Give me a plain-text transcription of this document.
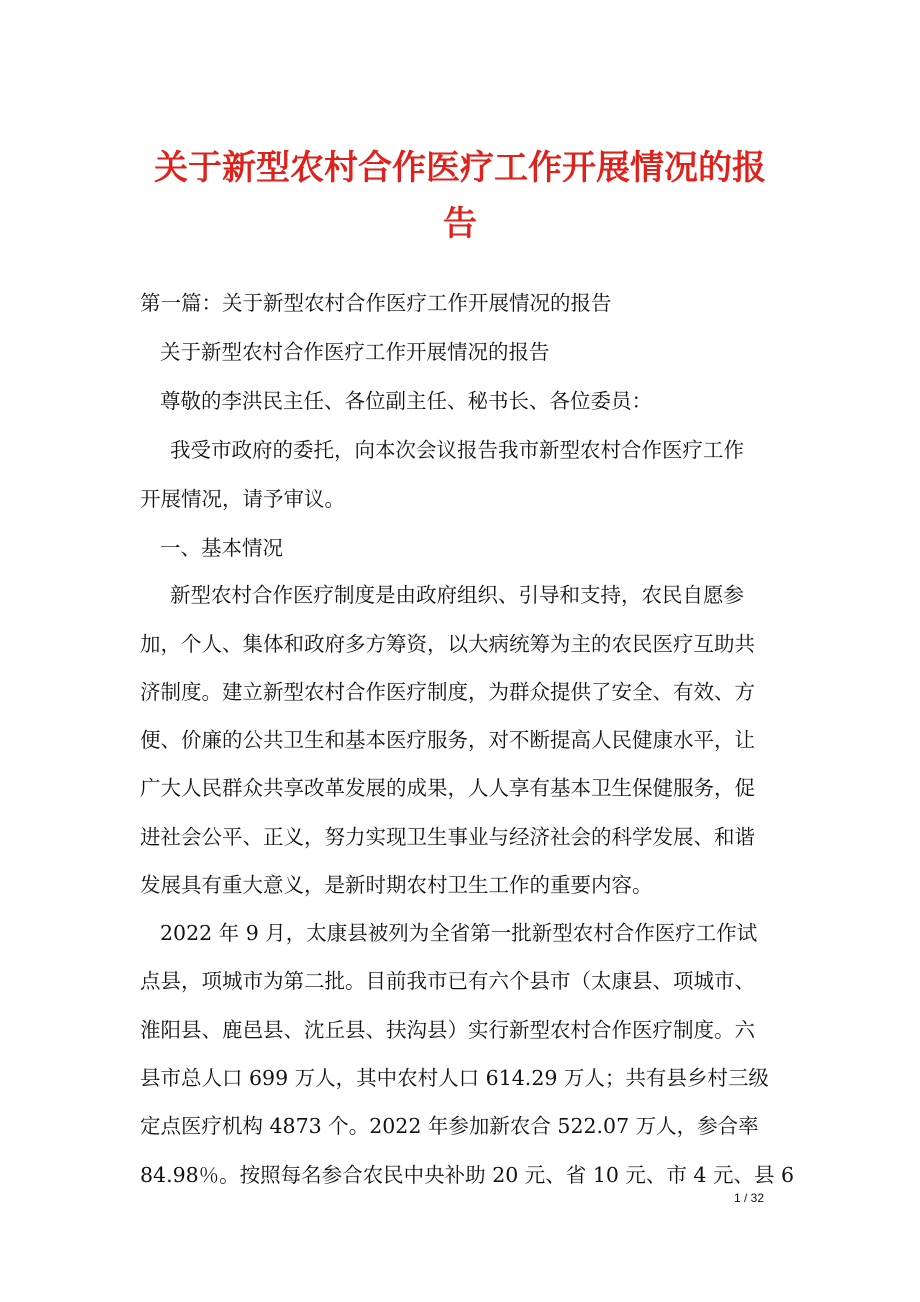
关于新型农村合作医疗工作开展情况的报
告

第一篇：关于新型农村合作医疗工作开展情况的报告

关于新型农村合作医疗工作开展情况的报告

尊敬的李洪民主任、各位副主任、秘书长、各位委员：

我受市政府的委托，向本次会议报告我市新型农村合作医疗工作

开展情况，请予审议。

一、基本情况

新型农村合作医疗制度是由政府组织、引导和支持，农民自愿参

加，个人、集体和政府多方筹资，以大病统筹为主的农民医疗互助共

济制度。建立新型农村合作医疗制度，为群众提供了安全、有效、方

便、价廉的公共卫生和基本医疗服务，对不断提高人民健康水平，让

广大人民群众共享改革发展的成果，人人享有基本卫生保健服务，促

进社会公平、正义，努力实现卫生事业与经济社会的科学发展、和谐

发展具有重大意义，是新时期农村卫生工作的重要内容。

2022 年 9 月，太康县被列为全省第一批新型农村合作医疗工作试

点县，项城市为第二批。目前我市已有六个县市（太康县、项城市、

淮阳县、鹿邑县、沈丘县、扶沟县）实行新型农村合作医疗制度。六

县市总人口 699 万人，其中农村人口 614.29 万人；共有县乡村三级

定点医疗机构 4873 个。2022 年参加新农合 522.07 万人，参合率

84.98％。按照每名参合农民中央补助 20 元、省 10 元、市 4 元、县 6

1 / 32
